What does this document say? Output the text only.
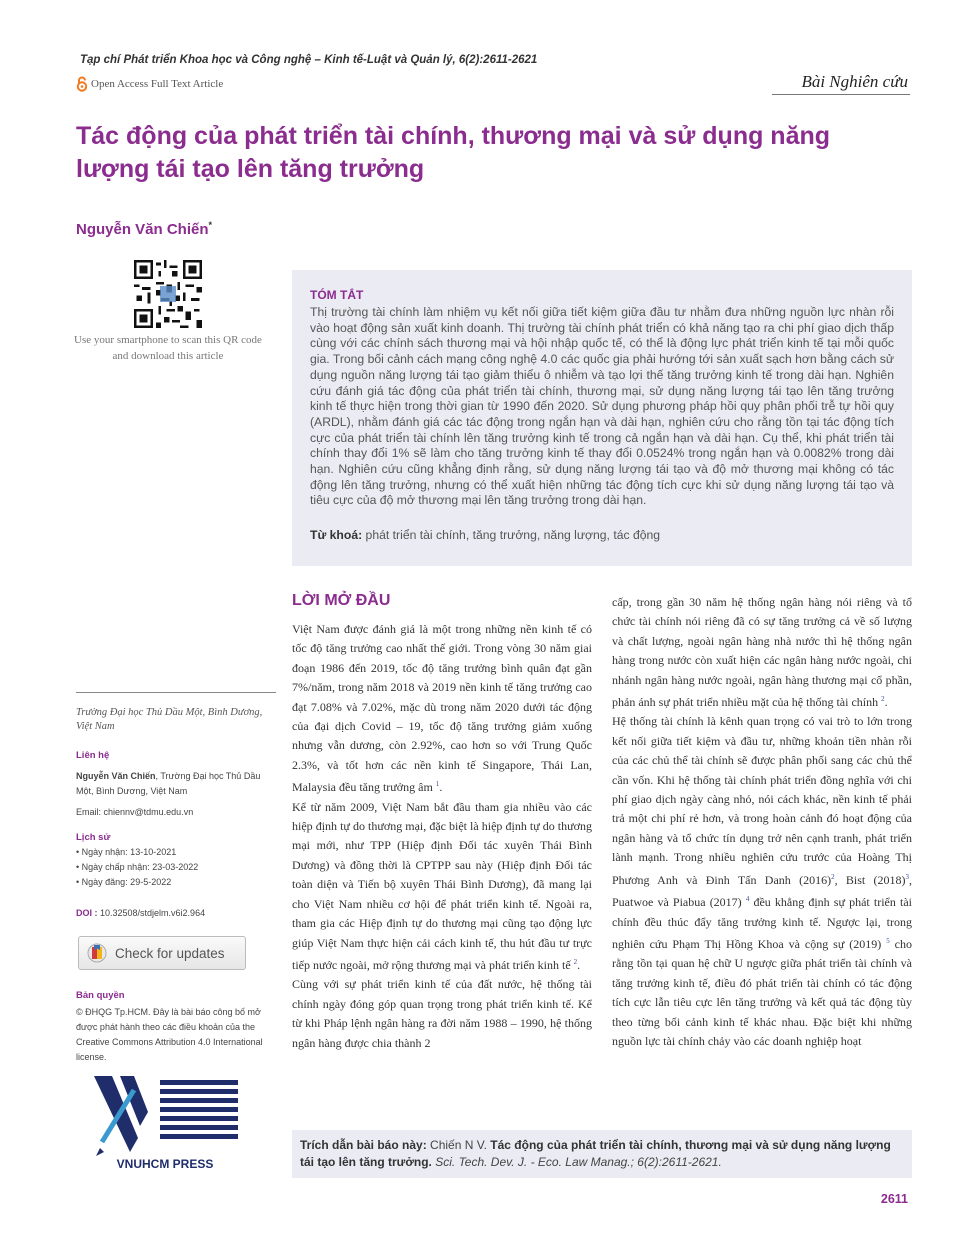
Tạp chí Phát triển Khoa học và Công nghệ – Kinh tế-Luật và Quản lý, 6(2):2611-2621
Open Access Full Text Article	Bài Nghiên cứu
Tác động của phát triển tài chính, thương mại và sử dụng năng lượng tái tạo lên tăng trưởng
Nguyễn Văn Chiến*
Use your smartphone to scan this QR code and download this article
TÓM TẮT
Thị trường tài chính làm nhiệm vụ kết nối giữa tiết kiệm giữa đầu tư nhằm đưa những nguồn lực nhàn rỗi vào hoạt động sản xuất kinh doanh. Thị trường tài chính phát triển có khả năng tạo ra chi phí giao dịch thấp cùng với các chính sách thương mại và hội nhập quốc tế, có thể là động lực phát triển kinh tế tại mỗi quốc gia. Trong bối cảnh cách mạng công nghệ 4.0 các quốc gia phải hướng tới sản xuất sạch hơn bằng cách sử dụng nguồn năng lượng tái tạo giảm thiểu ô nhiễm và tạo lợi thế tăng trưởng kinh tế trong dài hạn. Nghiên cứu đánh giá tác động của phát triển tài chính, thương mại, sử dụng năng lượng tái tạo lên tăng trưởng kinh tế thực hiện trong thời gian từ 1990 đến 2020. Sử dụng phương pháp hồi quy phân phối trễ tự hồi quy (ARDL), nhằm đánh giá các tác động trong ngắn hạn và dài hạn, nghiên cứu cho rằng tồn tại tác động tích cực của phát triển tài chính lên tăng trưởng kinh tế trong cả ngắn hạn và dài hạn. Cụ thể, khi phát triển tài chính thay đổi 1% sẽ làm cho tăng trưởng kinh tế thay đổi 0.0524% trong ngắn hạn và 0.0082% trong dài hạn. Nghiên cứu cũng khẳng định rằng, sử dụng năng lượng tái tạo và độ mở thương mại không có tác động lên tăng trưởng, nhưng có thể xuất hiện những tác động tích cực khi sử dụng năng lượng tái tạo và tiêu cực của độ mở thương mại lên tăng trưởng trong dài hạn.
Từ khoá: phát triển tài chính, tăng trưởng, năng lượng, tác động
LỜI MỞ ĐẦU

Việt Nam được đánh giá là một trong những nền kinh tế có tốc độ tăng trưởng cao nhất thế giới. Trong vòng 30 năm giai đoạn 1986 đến 2019, tốc độ tăng trưởng bình quân đạt gần 7%/năm, trong năm 2018 và 2019 nền kinh tế tăng trưởng cao đạt 7.08% và 7.02%, mặc dù trong năm 2020 dưới tác động của đại dịch Covid – 19, tốc độ tăng trưởng giảm xuống nhưng vẫn dương, còn 2.92%, cao hơn so với Trung Quốc 2.3%, và tốt hơn các nền kinh tế Singapore, Thái Lan, Malaysia đều tăng trưởng âm $^1$.

Kể từ năm 2009, Việt Nam bắt đầu tham gia nhiều vào các hiệp định tự do thương mại, đặc biệt là hiệp định tự do thương mại mới, như TPP (Hiệp định Đối tác xuyên Thái Bình Dương) và đồng thời là CPTPP sau này (Hiệp định Đối tác toàn diện và Tiến bộ xuyên Thái Bình Dương), đã mang lại cho Việt Nam nhiều cơ hội để phát triển kinh tế. Ngoài ra, tham gia các Hiệp định tự do thương mại cũng tạo động lực giúp Việt Nam thực hiện cải cách kinh tế, thu hút đầu tư trực tiếp nước ngoài, mở rộng thương mại và phát triển kinh tế $^2$.

Cùng với sự phát triển kinh tế của đất nước, hệ thống tài chính ngày đóng góp quan trọng trong phát triển kinh tế. Kể từ khi Pháp lệnh ngân hàng ra đời năm 1988 – 1990, hệ thống ngân hàng được chia thành 2

cấp, trong gần 30 năm hệ thống ngân hàng nói riêng và tổ chức tài chính nói riêng đã có sự tăng trưởng cả về số lượng và chất lượng, ngoài ngân hàng nhà nước thì hệ thống ngân hàng trong nước còn xuất hiện các ngân hàng nước ngoài, chi nhánh ngân hàng nước ngoài, ngân hàng thương mại cổ phần, phản ánh sự phát triển nhiều mặt của hệ thống tài chính $^2$.

Hệ thống tài chính là kênh quan trọng có vai trò to lớn trong kết nối giữa tiết kiệm và đầu tư, những khoản tiền nhàn rỗi của các chủ thể tài chính sẽ được phân phối sang các chủ thể cần vốn. Khi hệ thống tài chính phát triển đồng nghĩa với chi phí giao dịch ngày càng nhỏ, nói cách khác, nền kinh tế phải trả một chi phí rẻ hơn, và trong hoàn cảnh đó hoạt động của ngân hàng và tổ chức tín dụng trở nên cạnh tranh, phát triển lành mạnh. Trong nhiều nghiên cứu trước của Hoàng Thị Phương Anh và Đinh Tấn Danh $(2016)^2$, Bist $(2018)^3$, Puatwoe và Piabua (2017) $^4$ đều khẳng định sự phát triển tài chính đều thúc đẩy tăng trưởng kinh tế. Ngược lại, trong nghiên cứu Phạm Thị Hồng Khoa và cộng sự (2019) $^5$ cho rằng tồn tại quan hệ chữ U ngược giữa phát triển tài chính và tăng trưởng kinh tế, điều đó phát triển tài chính có tác động tích cực lẫn tiêu cực lên tăng trưởng và kết quả tác động tùy theo từng bối cảnh kinh tế khác nhau. Đặc biệt khi những nguồn lực tài chính chảy vào các doanh nghiệp hoạt

Trường Đại học Thủ Dầu Một, Bình Dương, Việt Nam
Liên hệ
Nguyễn Văn Chiến, Trường Đại học Thủ Dầu Một, Bình Dương, Việt Nam
Email: chiennv@tdmu.edu.vn
Lịch sử
• Ngày nhận: 13-10-2021
• Ngày chấp nhận: 23-03-2022
• Ngày đăng: 29-5-2022
DOI : 10.32508/stdjelm.v6i2.964
Check for updates
Bản quyền
© ĐHQG Tp.HCM. Đây là bài báo công bố mở được phát hành theo các điều khoản của the Creative Commons Attribution 4.0 International license.
VNUHCM PRESS
Trích dẫn bài báo này: Chiến N V. Tác động của phát triển tài chính, thương mại và sử dụng năng lượng tái tạo lên tăng trưởng. Sci. Tech. Dev. J. - Eco. Law Manag.; 6(2):2611-2621.
2611
